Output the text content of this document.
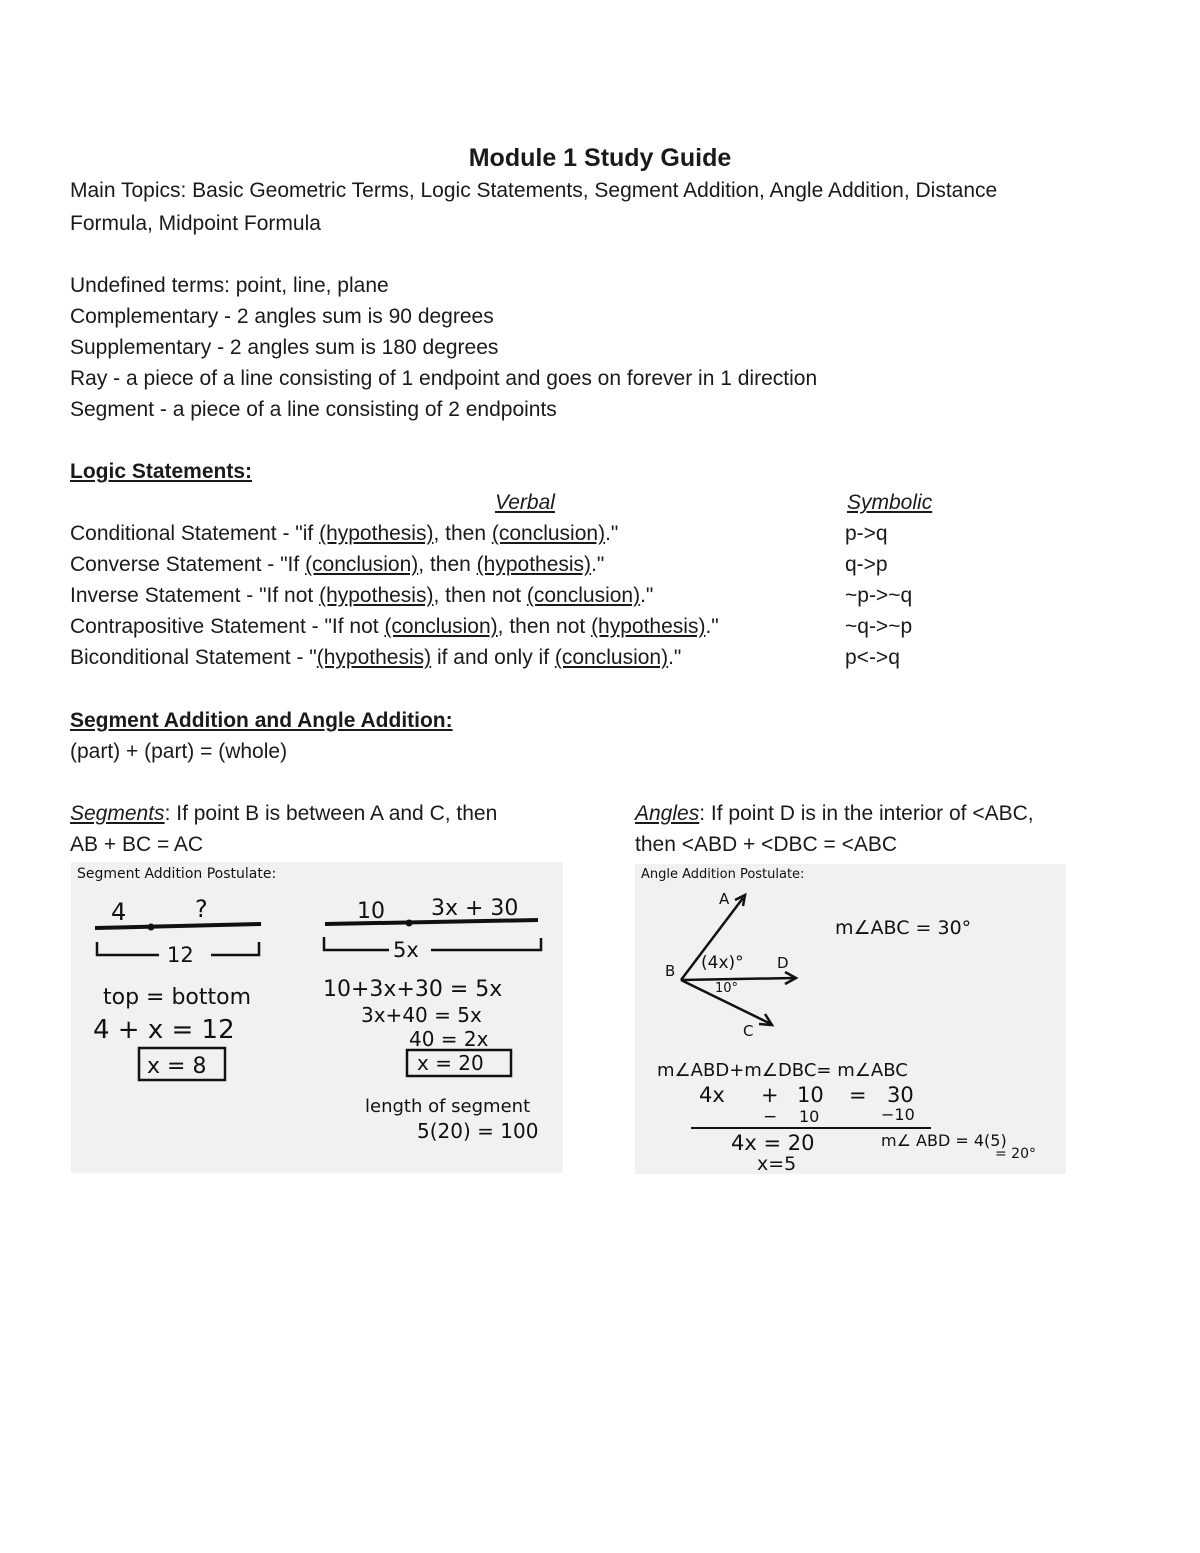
Module 1 Study Guide
Main Topics: Basic Geometric Terms, Logic Statements, Segment Addition, Angle Addition, Distance
Formula, Midpoint Formula
Undefined terms: point, line, plane
Complementary - 2 angles sum is 90 degrees
Supplementary - 2 angles sum is 180 degrees
Ray - a piece of a line consisting of 1 endpoint and goes on forever in 1 direction
Segment - a piece of a line consisting of 2 endpoints
Logic Statements:
Verbal	Symbolic
Conditional Statement - "if (hypothesis), then (conclusion)."	p->q
Converse Statement - "If (conclusion), then (hypothesis)."	q->p
Inverse Statement - "If not (hypothesis), then not (conclusion)."	~p->~q
Contrapositive Statement - "If not (conclusion), then not (hypothesis)."	~q->~p
Biconditional Statement - "(hypothesis) if and only if (conclusion)."	p<->q
Segment Addition and Angle Addition:
(part) + (part) = (whole)
Segments: If point B is between A and C, then
AB + BC = AC
Angles: If point D is in the interior of <ABC,
then <ABD + <DBC = <ABC
Segment Addition Postulate:
4	?
12
top = bottom
4 + x = 12
x = 8
10 3x + 30
5x
10+3x+30 = 5x
3x+40 = 5x
40 = 2x
x = 20
length of segment
5(20) = 100
Angle Addition Postulate:
A
B
C
D
(4x)°
10°
m∠ABC = 30°
m∠ABD+m∠DBC= m∠ABC
4x + 10 = 30
− 10	−10
4x = 20
x=5
m∠ ABD = 4(5)
= 20°
